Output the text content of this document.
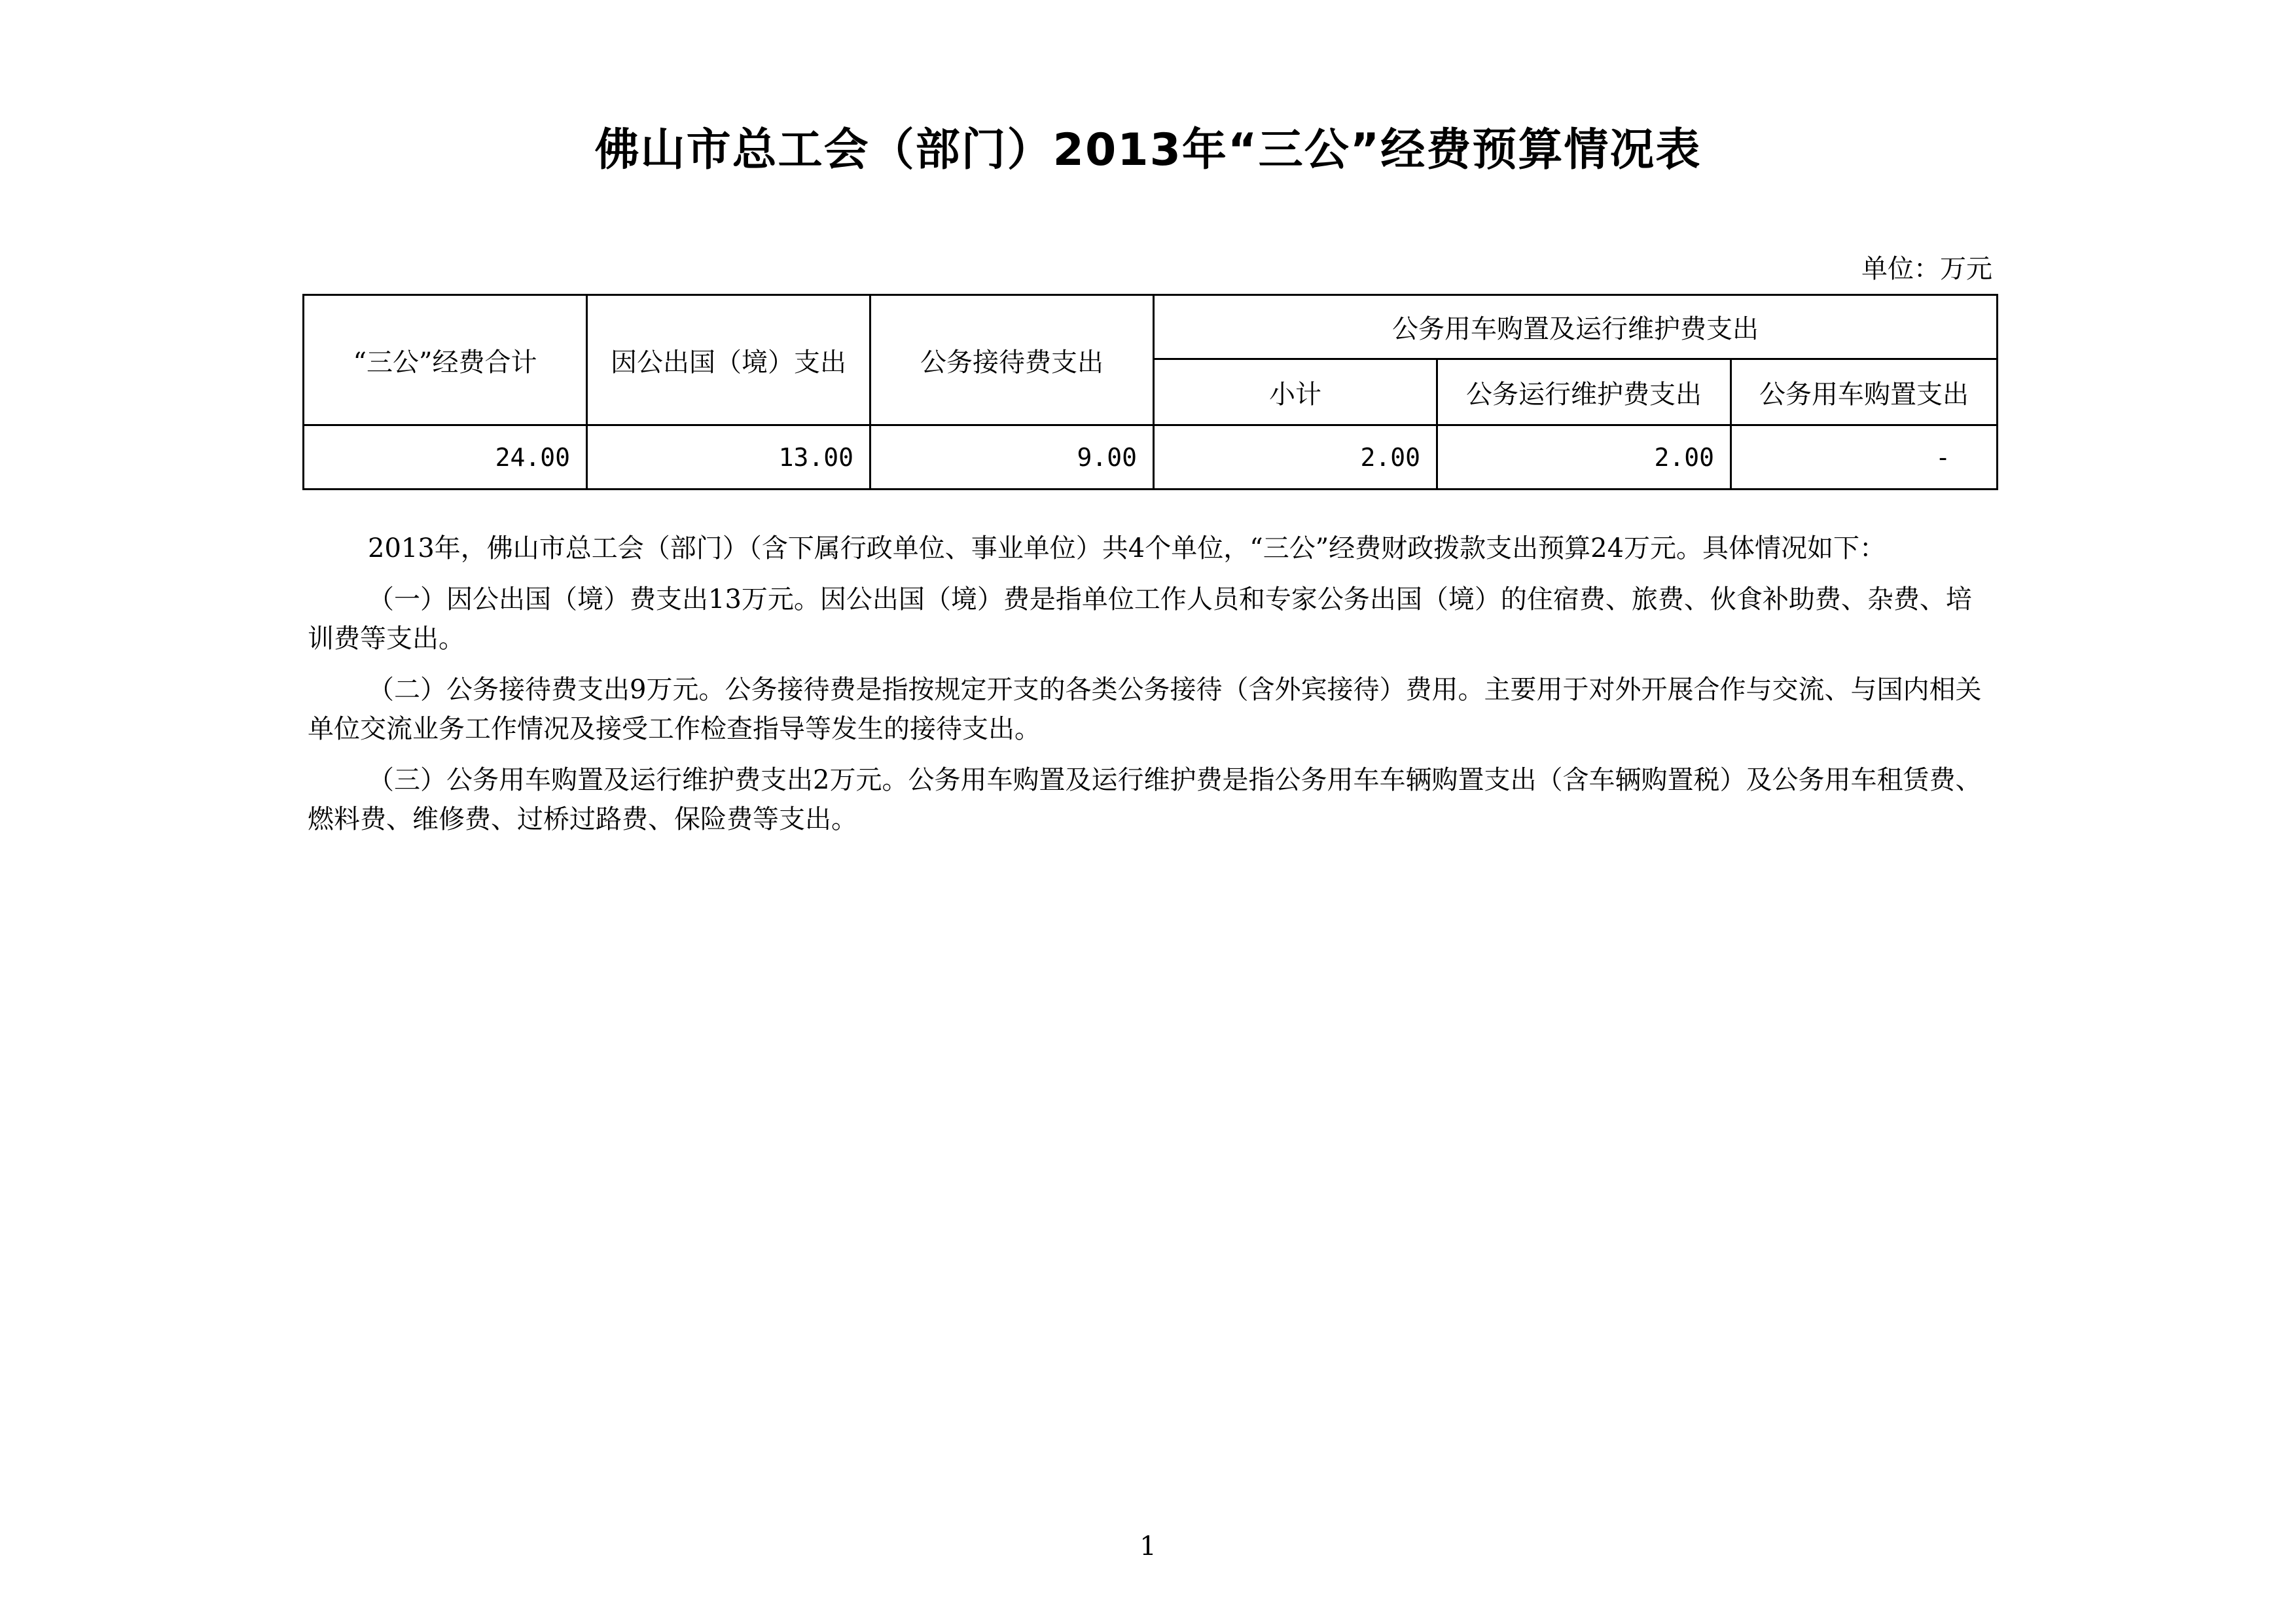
佛山市总工会（部门）2013年“三公”经费预算情况表
单位：万元
“三公”经费合计	因公出国（境）支出	公务接待费支出	公务用车购置及运行维护费支出		
			小计	公务运行维护费支出	公务用车购置支出
24.00	13.00	9.00	2.00	2.00	-

2013年，佛山市总工会（部门）（含下属行政单位、事业单位）共4个单位，“三公”经费财政拨款支出预算24万元。具体情况如下：

（一）因公出国（境）费支出13万元。因公出国（境）费是指单位工作人员和专家公务出国（境）的住宿费、旅费、伙食补助费、杂费、培训费等支出。

（二）公务接待费支出9万元。公务接待费是指按规定开支的各类公务接待（含外宾接待）费用。主要用于对外开展合作与交流、与国内相关单位交流业务工作情况及接受工作检查指导等发生的接待支出。

（三）公务用车购置及运行维护费支出2万元。公务用车购置及运行维护费是指公务用车车辆购置支出（含车辆购置税）及公务用车租赁费、燃料费、维修费、过桥过路费、保险费等支出。

1
